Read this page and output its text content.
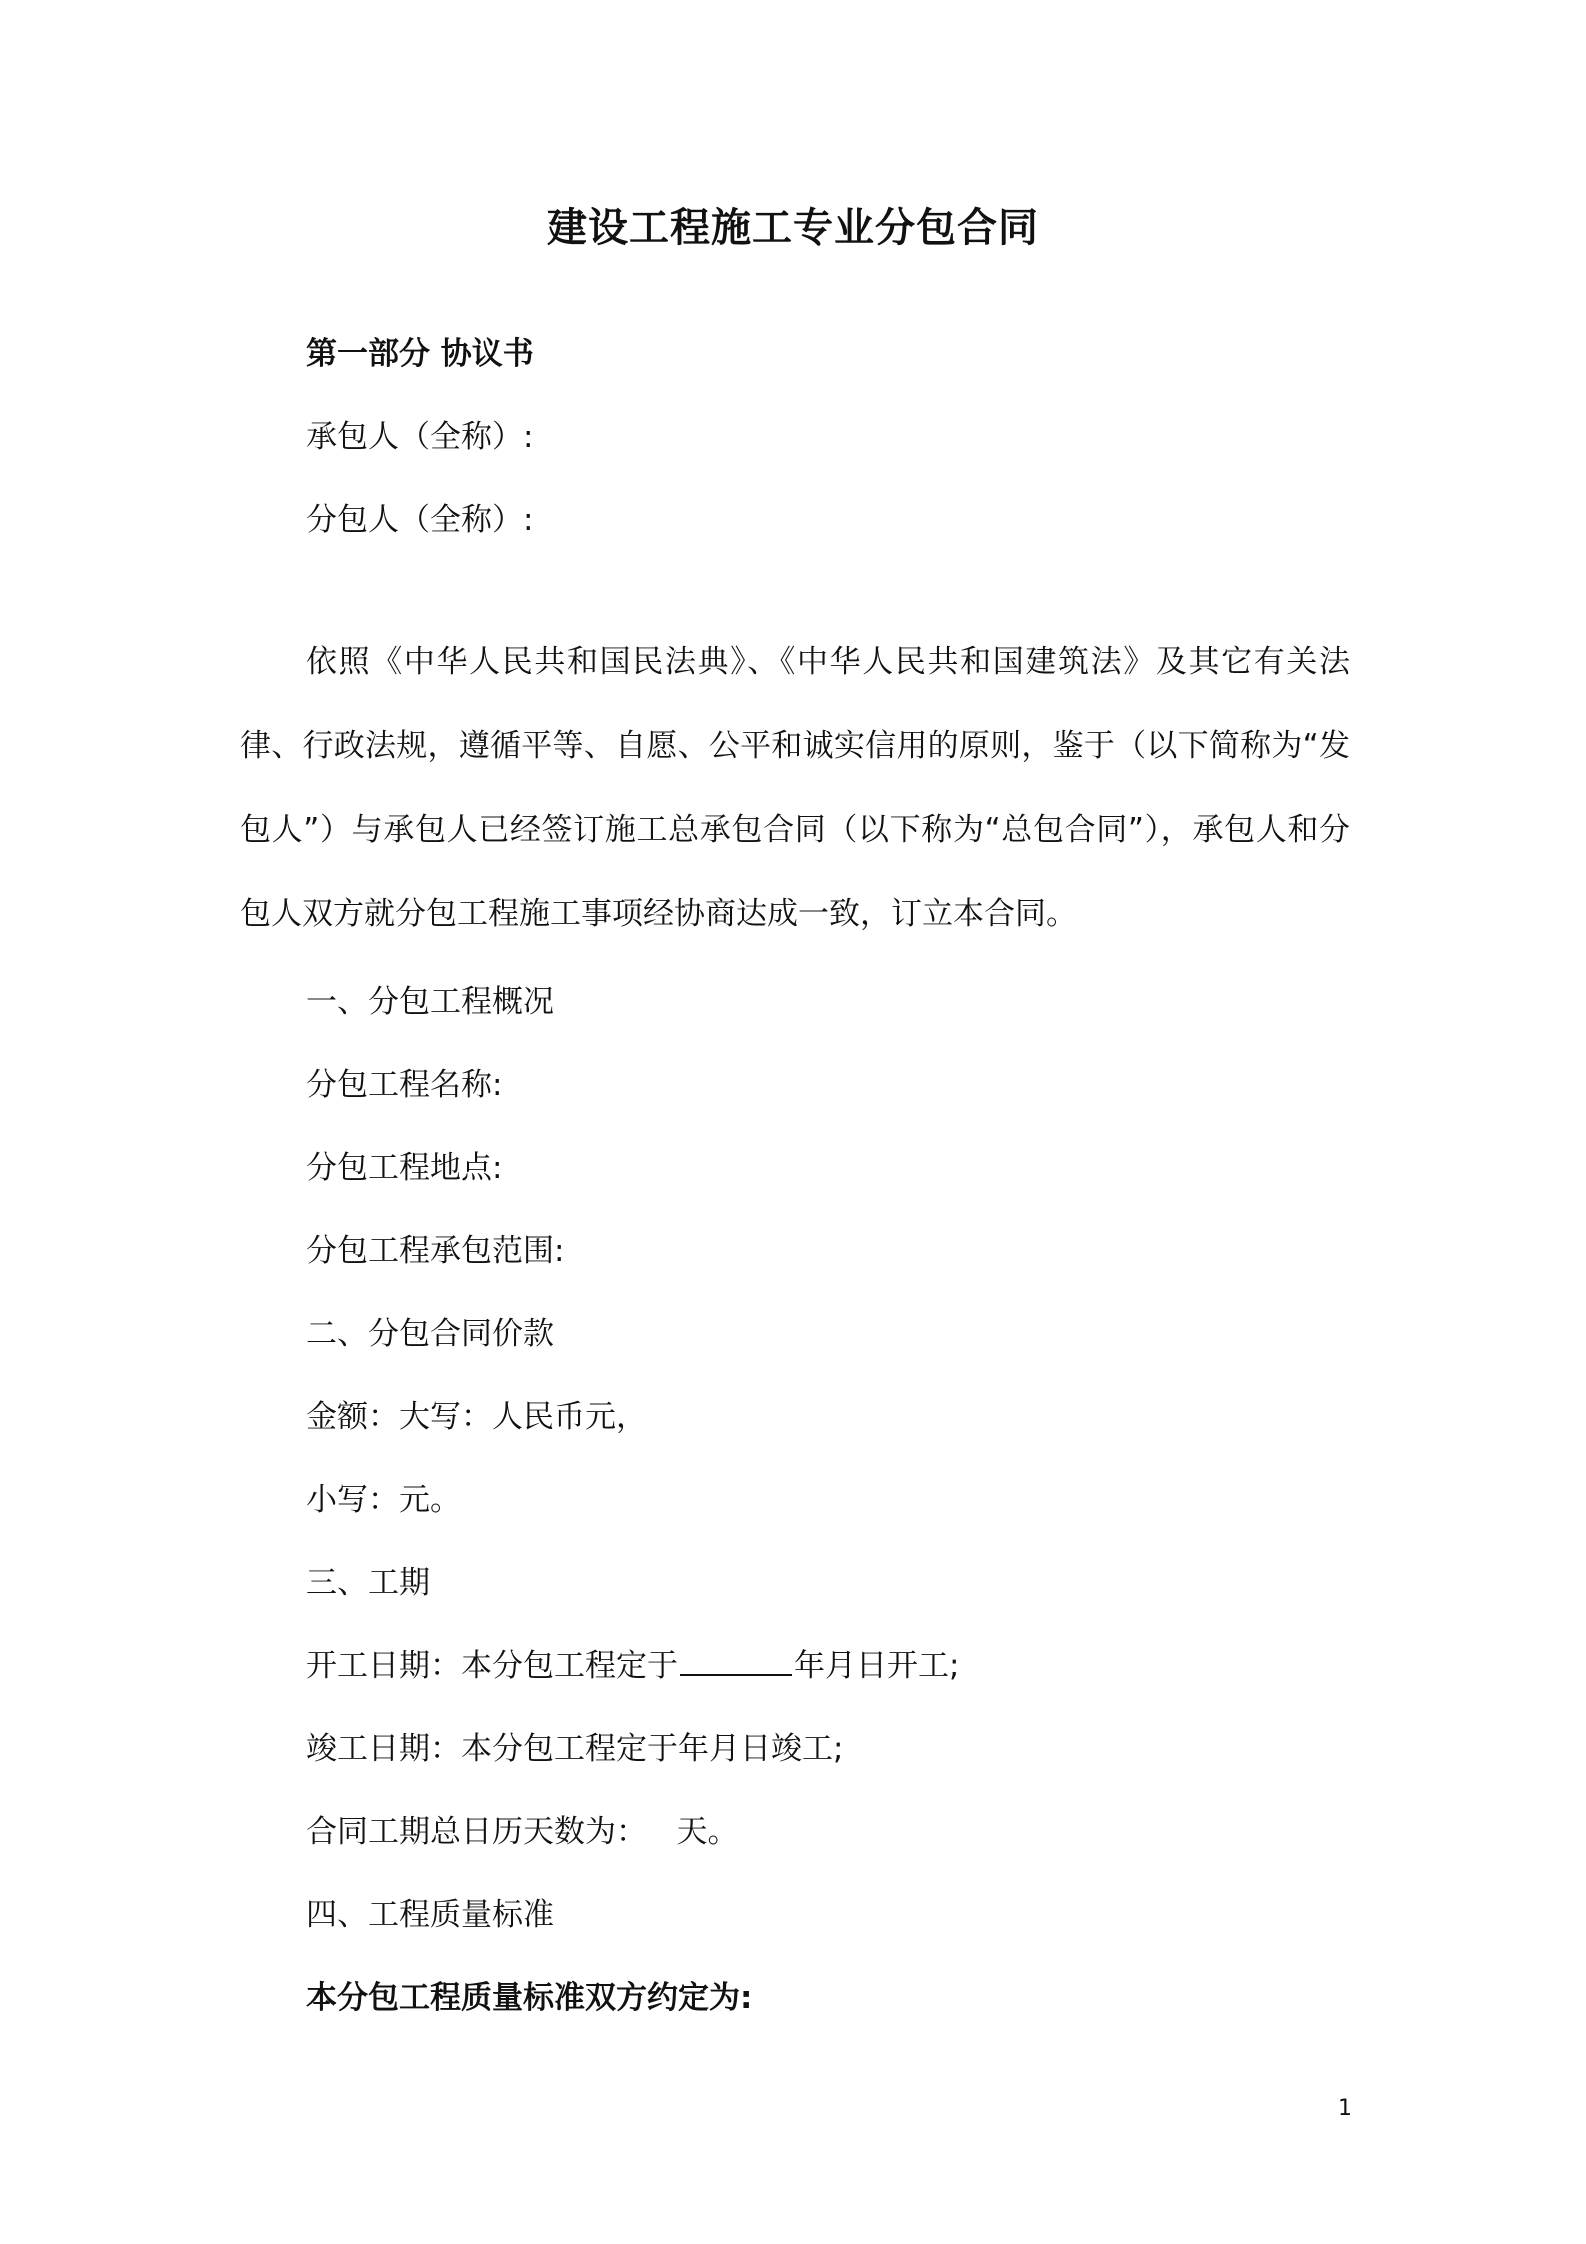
建设工程施工专业分包合同

第一部分 协议书

承包人（全称）:

分包人（全称）:

依照《中华人民共和国民法典》、《中华人民共和国建筑法》及其它有关法律、行政法规，遵循平等、自愿、公平和诚实信用的原则，鉴于（以下简称为“发包人”）与承包人已经签订施工总承包合同（以下称为“总包合同”），承包人和分包人双方就分包工程施工事项经协商达成一致，订立本合同。

一、分包工程概况

分包工程名称:

分包工程地点:

分包工程承包范围:

二、分包合同价款

金额：大写：人民币元，

小写：元。

三、工期

开工日期：本分包工程定于	年月日开工;

竣工日期：本分包工程定于年月日竣工;

合同工期总日历天数为：   天。

四、工程质量标准

本分包工程质量标准双方约定为:

1
